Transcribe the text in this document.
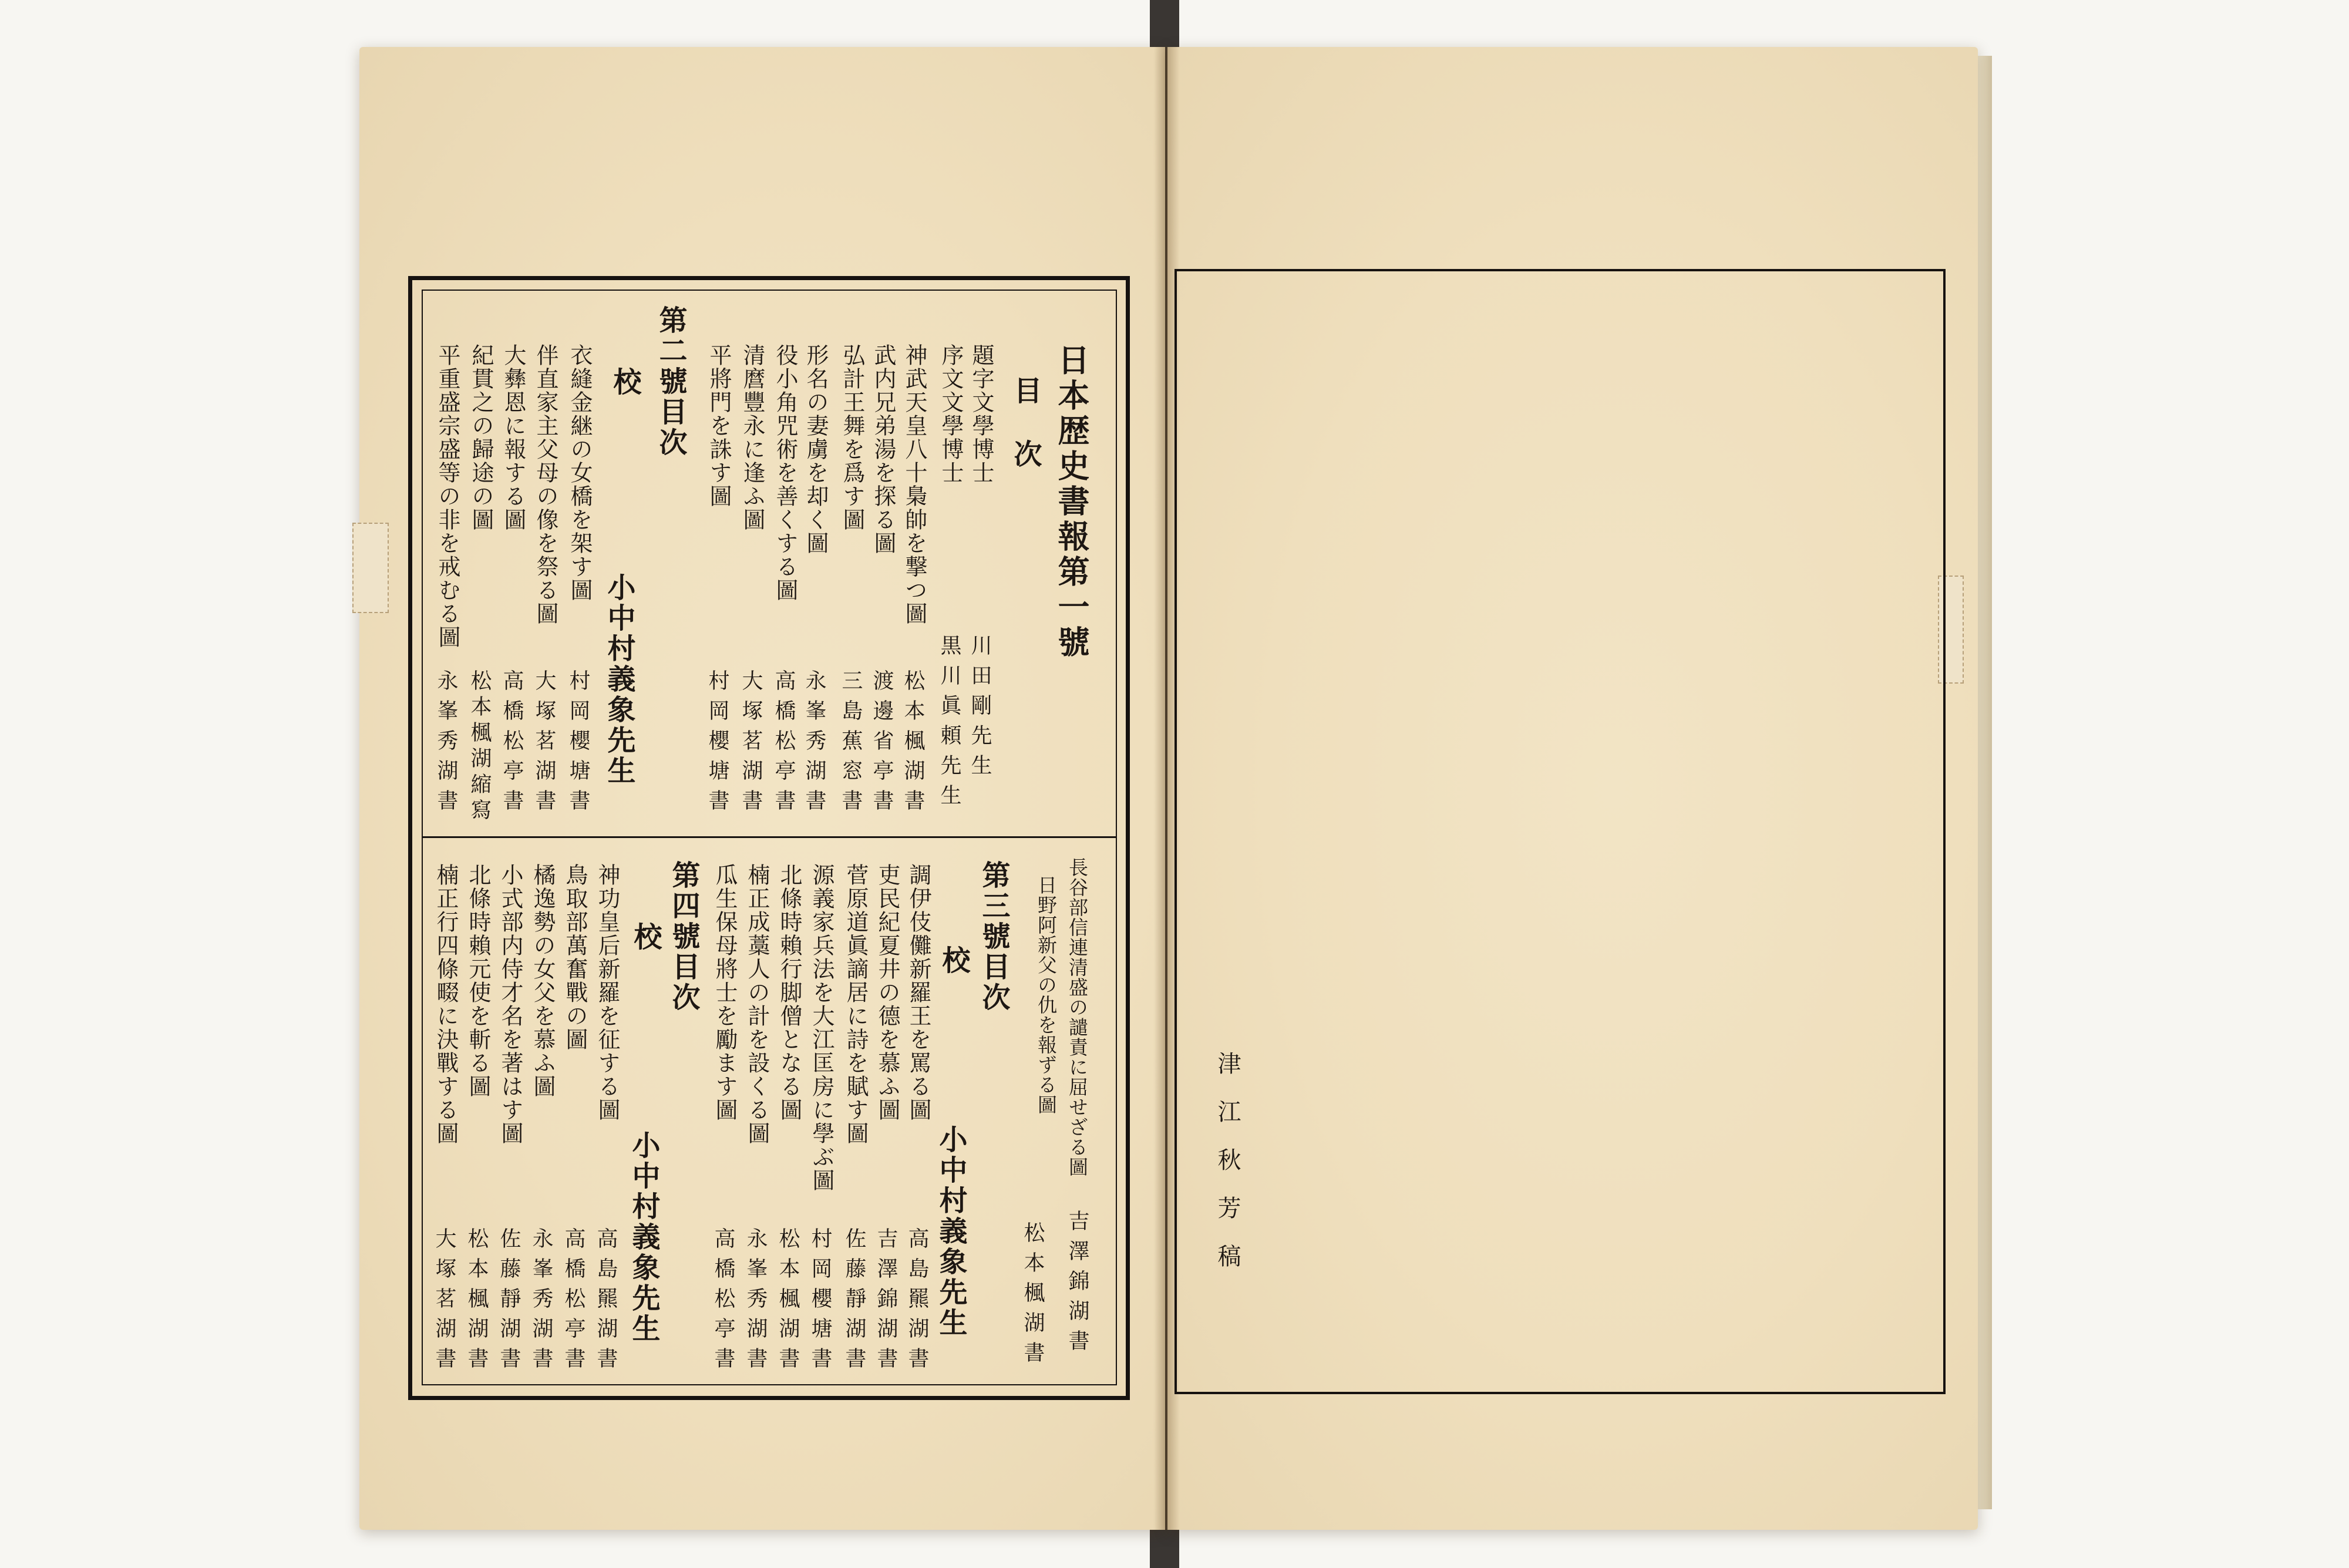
日本歴史書報第一號
目次
題字文學博士
川田剛先生
序文文學博士
黒川眞頼先生
神武天皇八十梟帥を撃つ圖
松本楓湖書
武内兄弟湯を探る圖
渡邊省亭書
弘計王舞を爲す圖
三島蕉窓書
形名の妻虜を却く圖
永峯秀湖書
役小角咒術を善くする圖
高橋松亭書
清麿豐永に逢ふ圖
大塚茗湖書
平將門を誅す圖
村岡櫻塘書
第二號目次
校
小中村義象先生
衣縫金継の女橋を架す圖
村岡櫻塘書
伴直家主父母の像を祭る圖
大塚茗湖書
大彝恩に報する圖
高橋松亭書
紀貫之の歸途の圖
松本楓湖縮寫
平重盛宗盛等の非を戒むる圖
永峯秀湖書
長谷部信連清盛の譴責に屈せざる圖
吉澤錦湖書
日野阿新父の仇を報ずる圖
松本楓湖書
第三號目次
校
小中村義象先生
調伊伎儺新羅王を罵る圖
高島羆湖書
吏民紀夏井の德を慕ふ圖
吉澤錦湖書
菅原道眞謫居に詩を賦す圖
佐藤靜湖書
源義家兵法を大江匡房に學ぶ圖
村岡櫻塘書
北條時賴行脚僧となる圖
松本楓湖書
楠正成藁人の計を設くる圖
永峯秀湖書
瓜生保母將士を勵ます圖
高橋松亭書
第四號目次
校
小中村義象先生
神功皇后新羅を征する圖
高島羆湖書
鳥取部萬奮戰の圖
高橋松亭書
橘逸勢の女父を慕ふ圖
永峯秀湖書
小式部内侍才名を著はす圖
佐藤靜湖書
北條時賴元使を斬る圖
松本楓湖書
楠正行四條畷に決戰する圖
大塚茗湖書
津江秋芳稿
